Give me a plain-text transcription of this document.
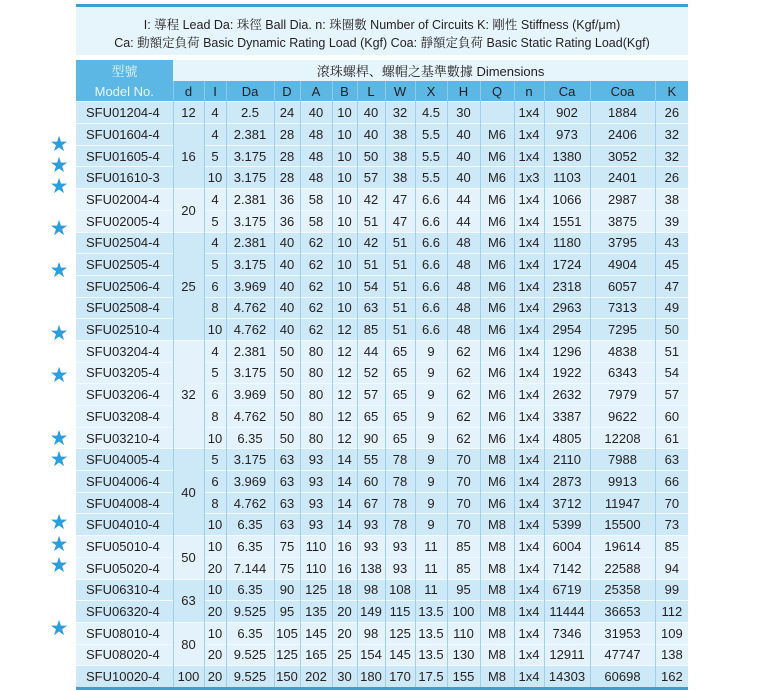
★
★
★
★
★
★
★
★
★
★
★
★
★
I: 導程 Lead Da: 珠徑 Ball Dia. n: 珠圈數 Number of Circuits K: 剛性 Stiffness (Kgf/μm)
Ca: 動額定負荷 Basic Dynamic Rating Load (Kgf) Coa: 靜額定負荷 Basic Static Rating Load(Kgf)
型號	滾珠螺桿、螺帽之基準數據 Dimensions														
Model No.	d	I	Da	D	A	B	L	W	X	H	Q	n	Ca	Coa	K
SFU01204-4	12	4	2.5	24	40	10	40	32	4.5	30		1x4	902	1884	26
SFU01604-4	16	4	2.381	28	48	10	40	38	5.5	40	M6	1x4	973	2406	32
SFU01605-4		5	3.175	28	48	10	50	38	5.5	40	M6	1x4	1380	3052	32
SFU01610-3		10	3.175	28	48	10	57	38	5.5	40	M6	1x3	1103	2401	26
SFU02004-4	20	4	2.381	36	58	10	42	47	6.6	44	M6	1x4	1066	2987	38
SFU02005-4		5	3.175	36	58	10	51	47	6.6	44	M6	1x4	1551	3875	39
SFU02504-4	25	4	2.381	40	62	10	42	51	6.6	48	M6	1x4	1180	3795	43
SFU02505-4		5	3.175	40	62	10	51	51	6.6	48	M6	1x4	1724	4904	45
SFU02506-4		6	3.969	40	62	10	54	51	6.6	48	M6	1x4	2318	6057	47
SFU02508-4		8	4.762	40	62	10	63	51	6.6	48	M6	1x4	2963	7313	49
SFU02510-4		10	4.762	40	62	12	85	51	6.6	48	M6	1x4	2954	7295	50
SFU03204-4	32	4	2.381	50	80	12	44	65	9	62	M6	1x4	1296	4838	51
SFU03205-4		5	3.175	50	80	12	52	65	9	62	M6	1x4	1922	6343	54
SFU03206-4		6	3.969	50	80	12	57	65	9	62	M6	1x4	2632	7979	57
SFU03208-4		8	4.762	50	80	12	65	65	9	62	M6	1x4	3387	9622	60
SFU03210-4		10	6.35	50	80	12	90	65	9	62	M6	1x4	4805	12208	61
SFU04005-4	40	5	3.175	63	93	14	55	78	9	70	M8	1x4	2110	7988	63
SFU04006-4		6	3.969	63	93	14	60	78	9	70	M6	1x4	2873	9913	66
SFU04008-4		8	4.762	63	93	14	67	78	9	70	M6	1x4	3712	11947	70
SFU04010-4		10	6.35	63	93	14	93	78	9	70	M8	1x4	5399	15500	73
SFU05010-4	50	10	6.35	75	110	16	93	93	11	85	M8	1x4	6004	19614	85
SFU05020-4		20	7.144	75	110	16	138	93	11	85	M8	1x4	7142	22588	94
SFU06310-4	63	10	6.35	90	125	18	98	108	11	95	M8	1x4	6719	25358	99
SFU06320-4		20	9.525	95	135	20	149	115	13.5	100	M8	1x4	11444	36653	112
SFU08010-4	80	10	6.35	105	145	20	98	125	13.5	110	M8	1x4	7346	31953	109
SFU08020-4		20	9.525	125	165	25	154	145	13.5	130	M8	1x4	12911	47747	138
SFU10020-4	100	20	9.525	150	202	30	180	170	17.5	155	M8	1x4	14303	60698	162
